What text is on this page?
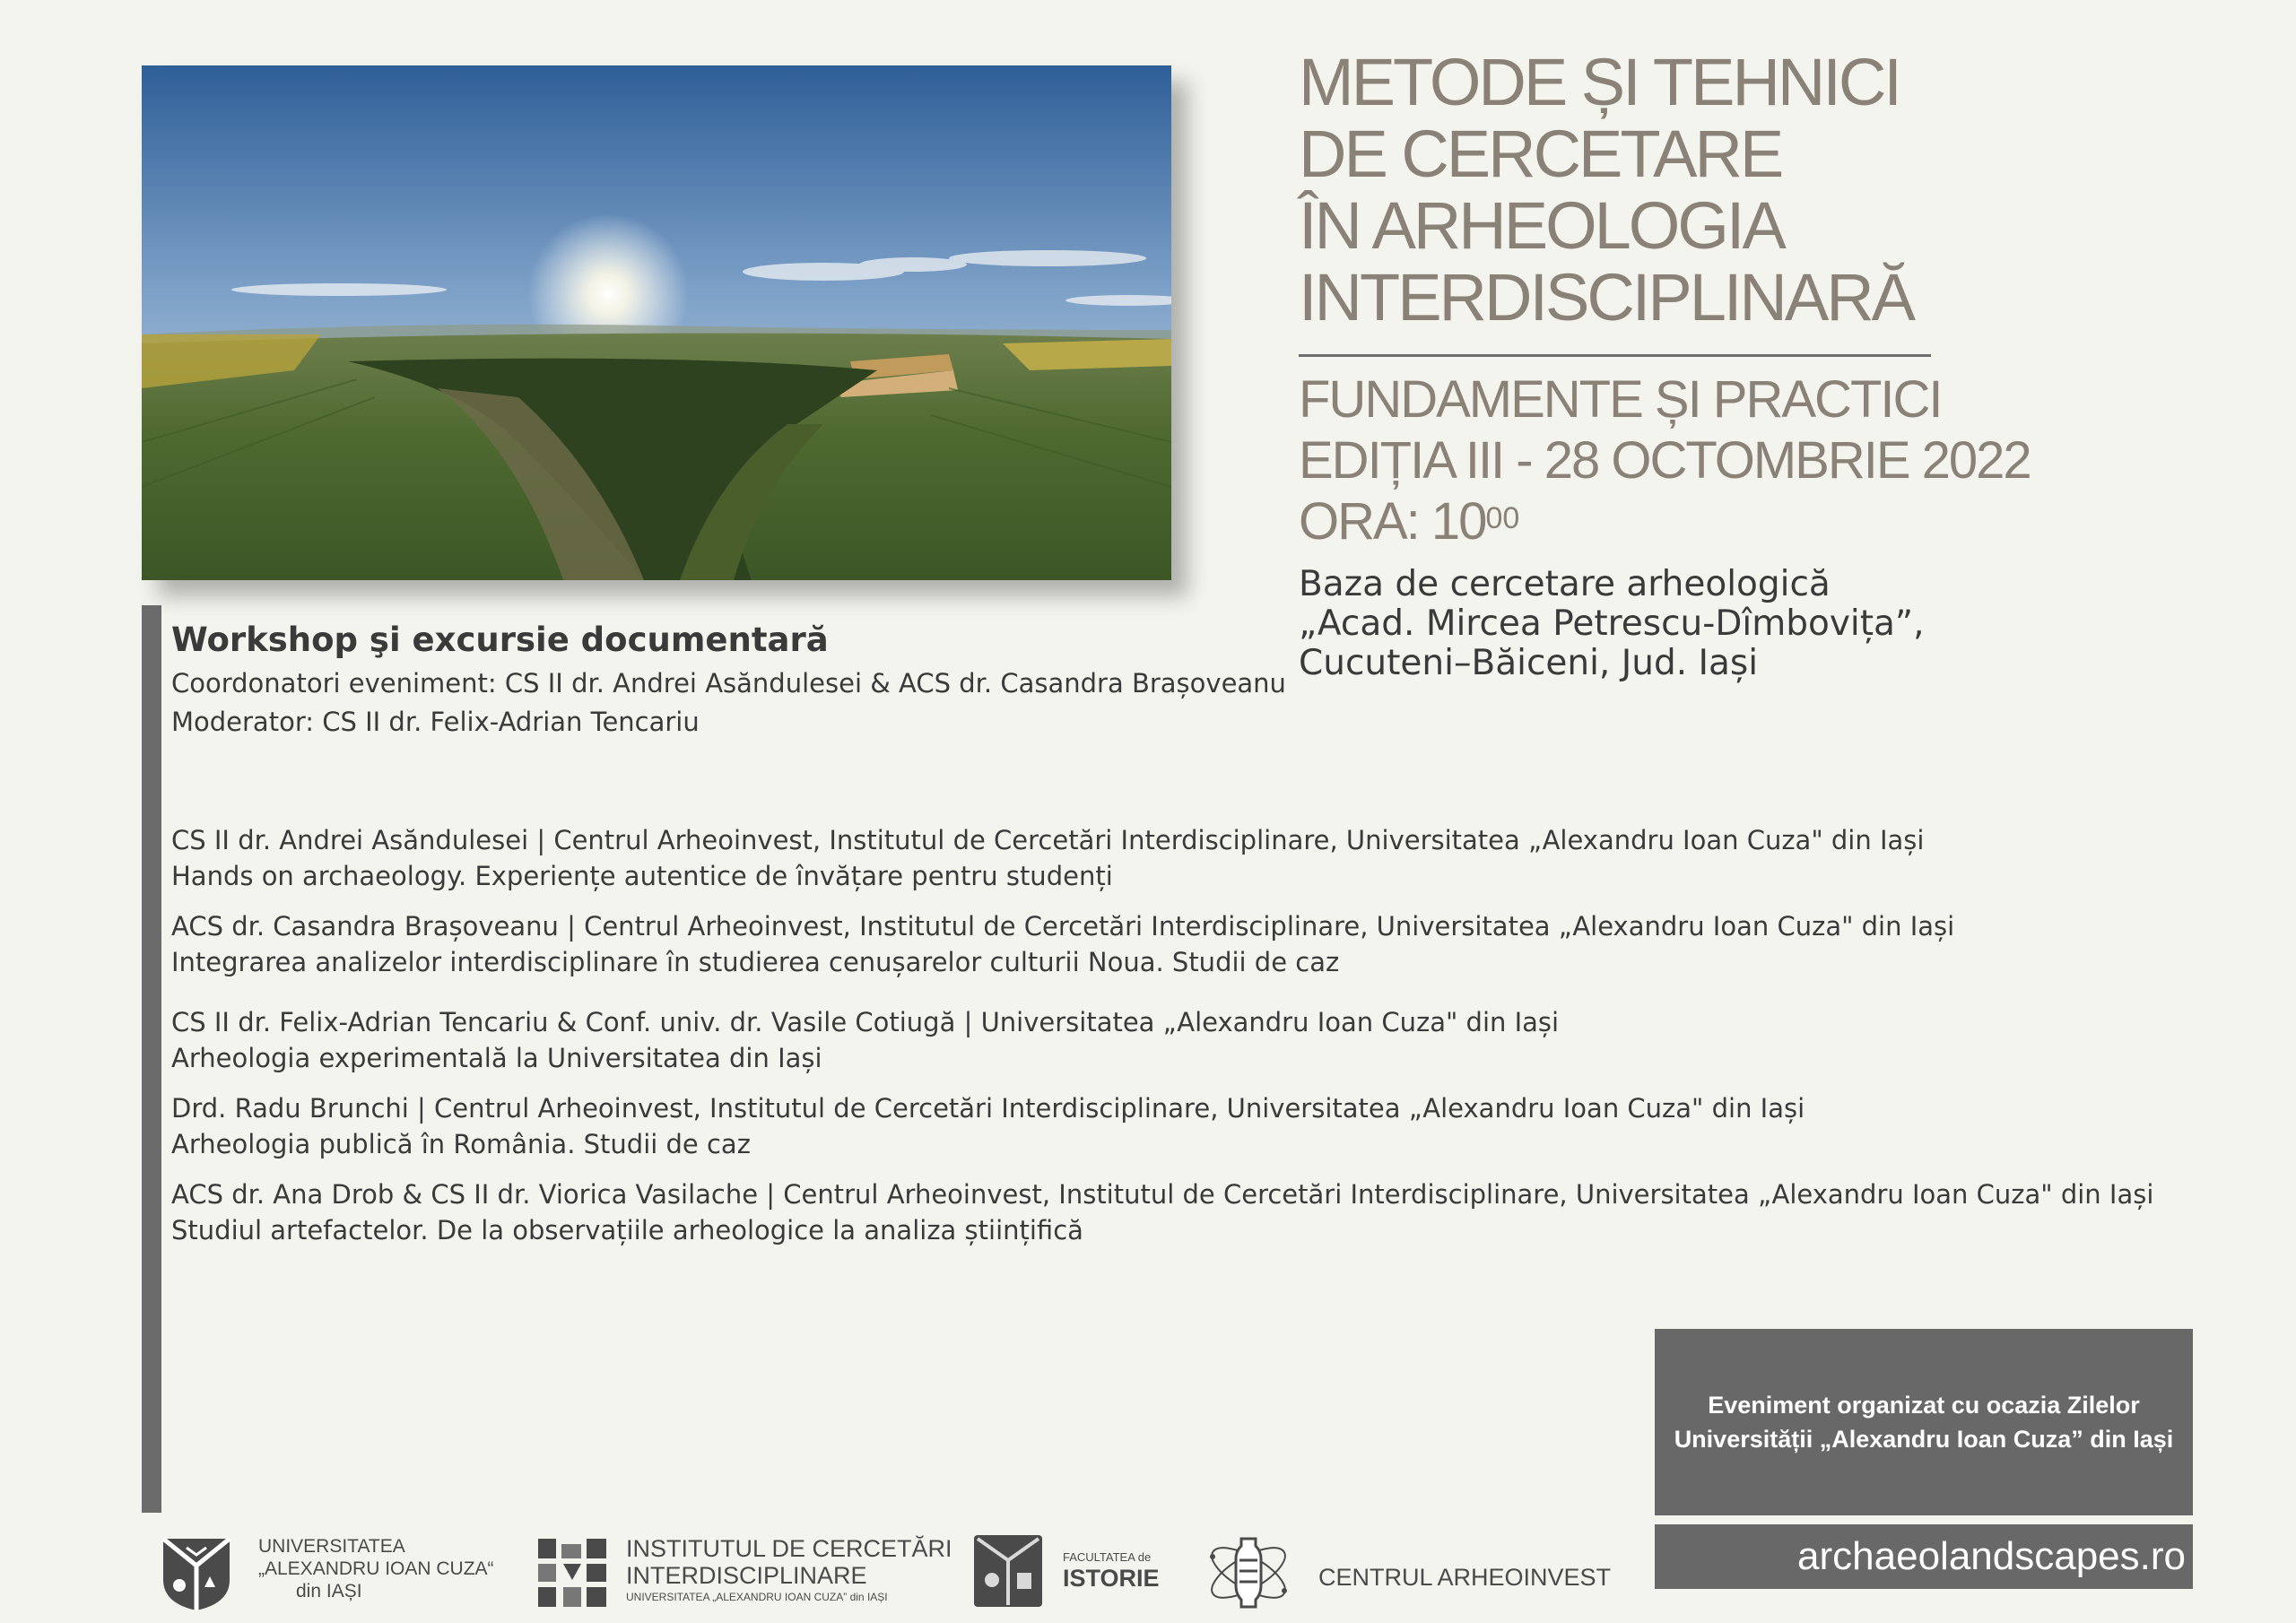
METODE ȘI TEHNICI
DE CERCETARE
ÎN ARHEOLOGIA
INTERDISCIPLINARĂ
FUNDAMENTE ȘI PRACTICI
EDIȚIA III - 28 OCTOMBRIE 2022
ORA: $10^{00}$
Baza de cercetare arheologică
„Acad. Mircea Petrescu-Dîmbovița”,
Cucuteni–Băiceni, Jud. Iași
Workshop şi excursie documentară
Coordonatori eveniment: CS II dr. Andrei Asăndulesei & ACS dr. Casandra Brașoveanu
Moderator: CS II dr. Felix-Adrian Tencariu
CS II dr. Andrei Asăndulesei | Centrul Arheoinvest, Institutul de Cercetări Interdisciplinare, Universitatea „Alexandru Ioan Cuza" din Iași
Hands on archaeology. Experiențe autentice de învățare pentru studenți
ACS dr. Casandra Brașoveanu | Centrul Arheoinvest, Institutul de Cercetări Interdisciplinare, Universitatea „Alexandru Ioan Cuza" din Iași
Integrarea analizelor interdisciplinare în studierea cenușarelor culturii Noua. Studii de caz
CS II dr. Felix-Adrian Tencariu & Conf. univ. dr. Vasile Cotiugă | Universitatea „Alexandru Ioan Cuza" din Iași
Arheologia experimentală la Universitatea din Iași
Drd. Radu Brunchi | Centrul Arheoinvest, Institutul de Cercetări Interdisciplinare, Universitatea „Alexandru Ioan Cuza" din Iași
Arheologia publică în România. Studii de caz
ACS dr. Ana Drob & CS II dr. Viorica Vasilache | Centrul Arheoinvest, Institutul de Cercetări Interdisciplinare, Universitatea „Alexandru Ioan Cuza" din Iași
Studiul artefactelor. De la observațiile arheologice la analiza științifică
Eveniment organizat cu ocazia Zilelor
Universității „Alexandru Ioan Cuza” din Iași
archaeolandscapes.ro
UNIVERSITATEA
„ALEXANDRU IOAN CUZA“
din IAȘI
INSTITUTUL DE CERCETĂRI
INTERDISCIPLINARE
UNIVERSITATEA „ALEXANDRU IOAN CUZA” din IAȘI
FACULTATEA de
ISTORIE	CENTRUL ARHEOINVEST
